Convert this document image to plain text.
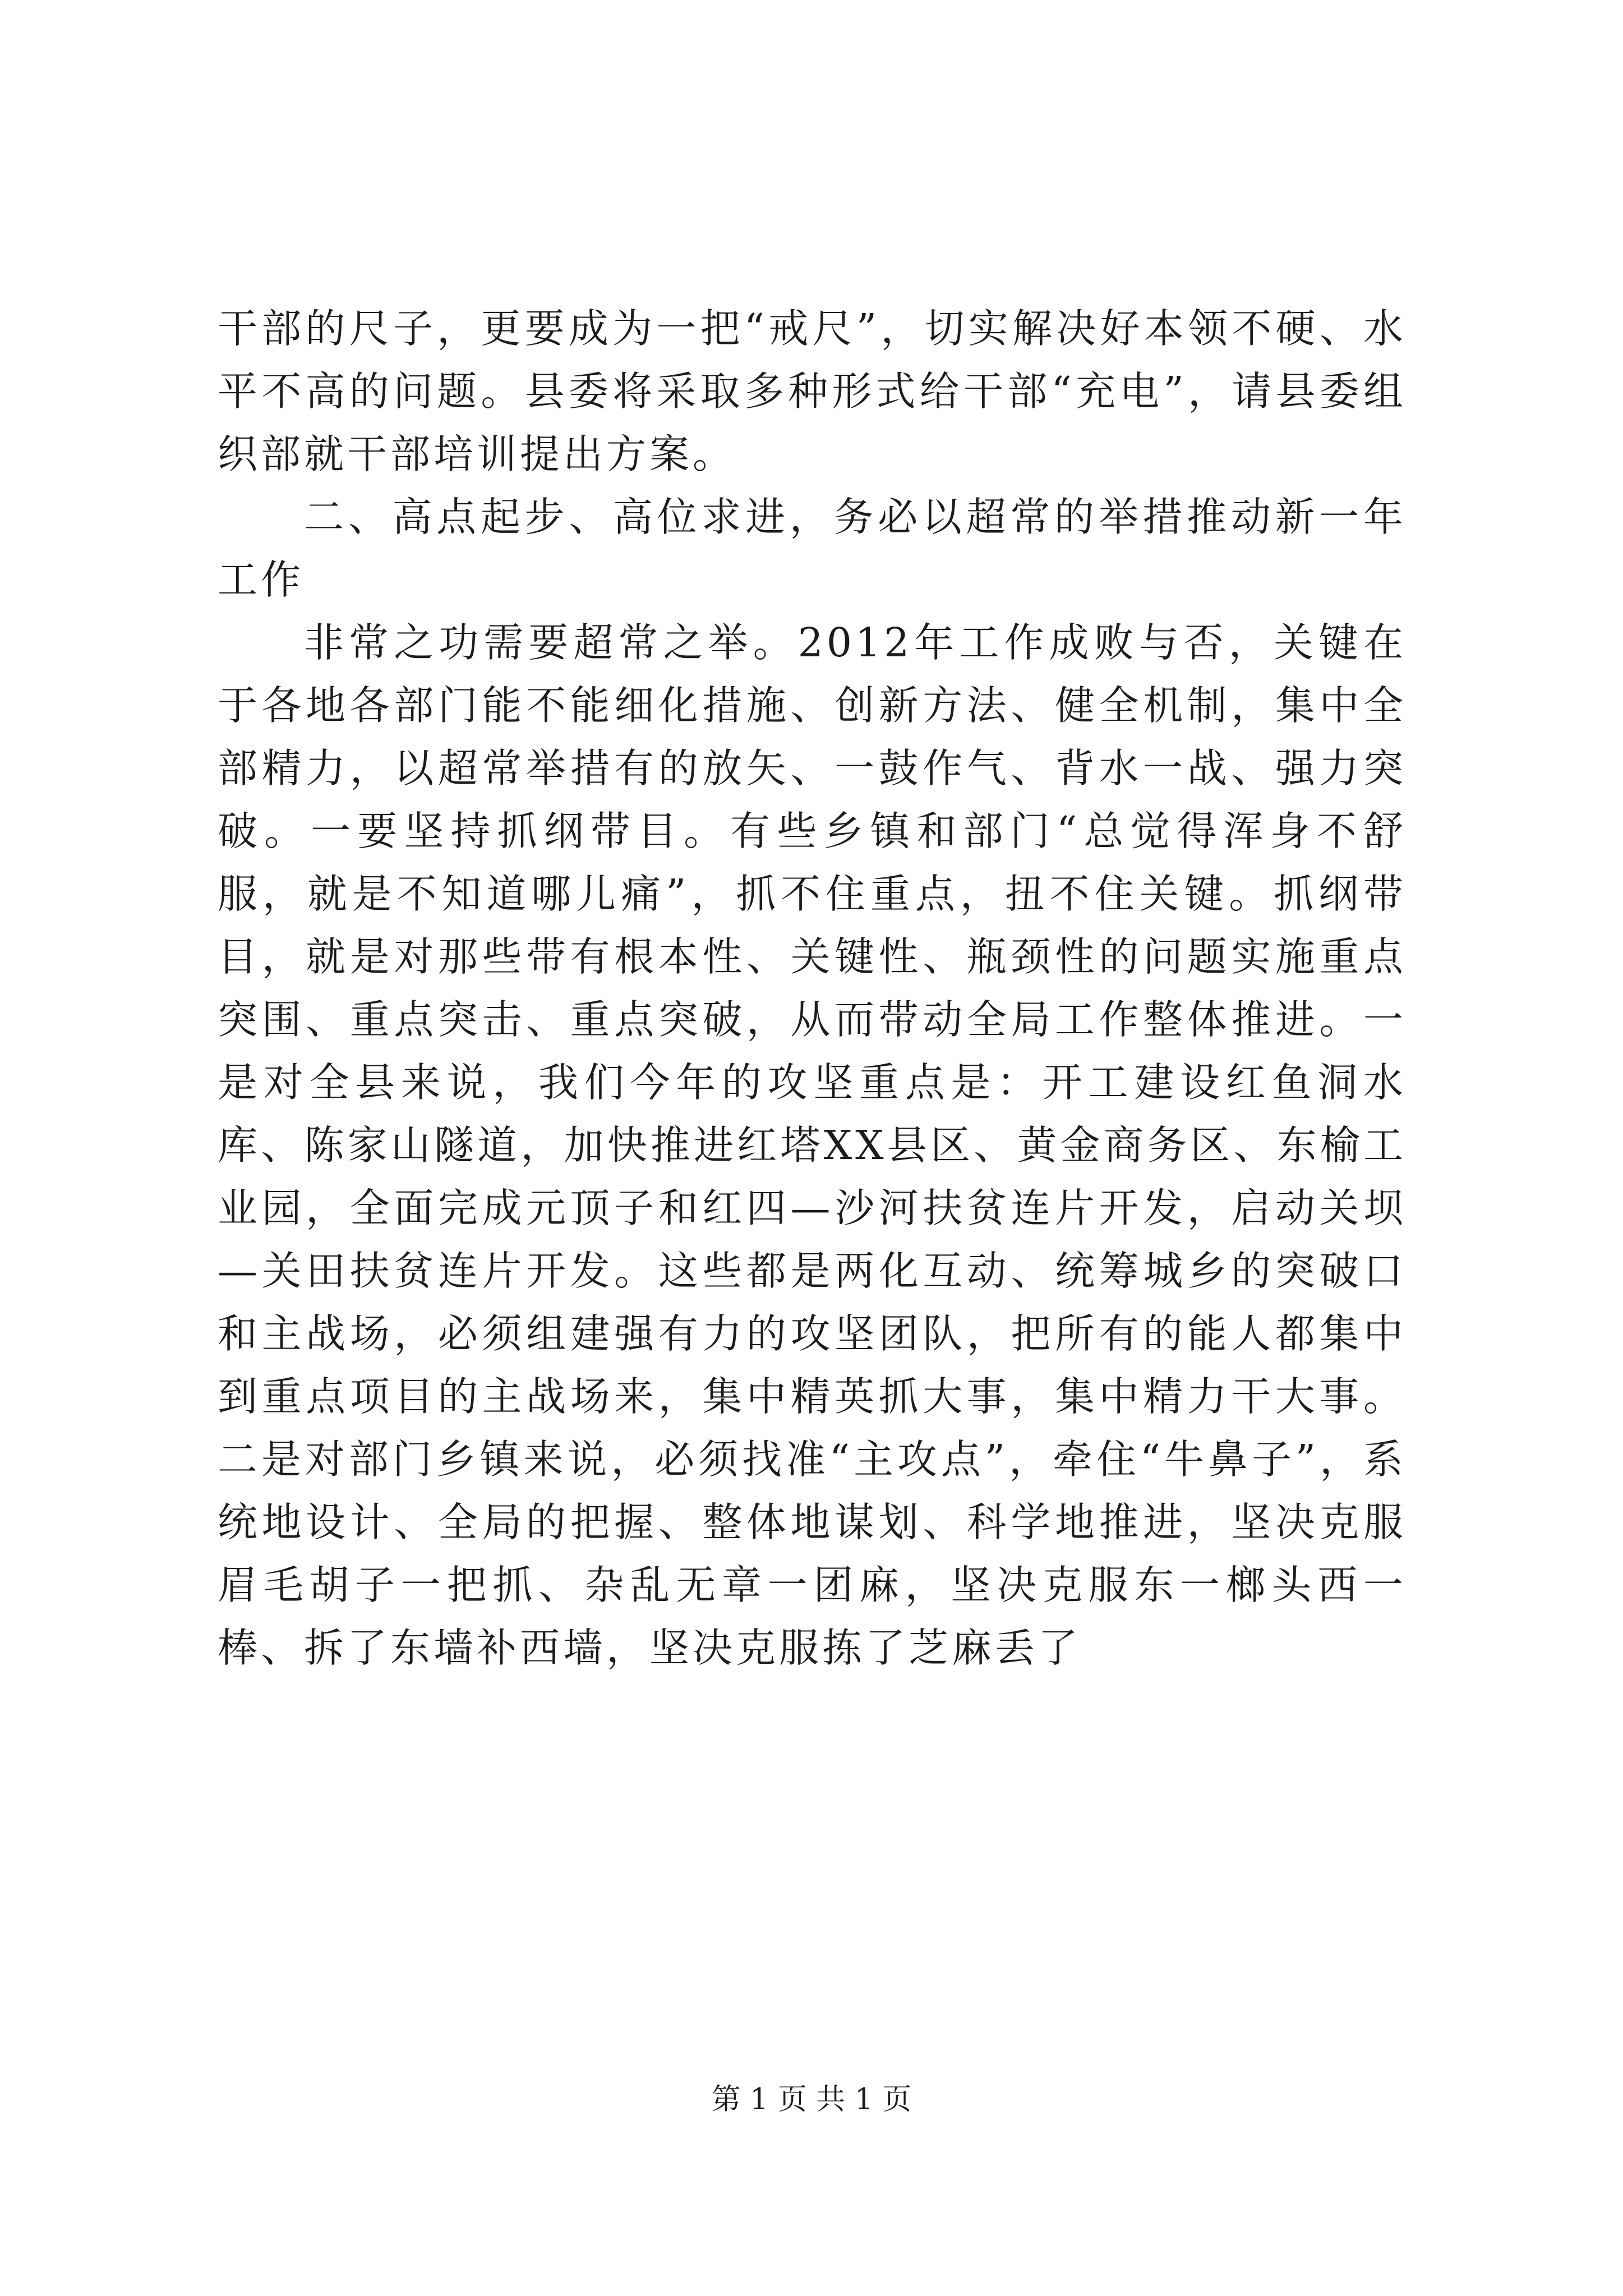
干部的尺子，更要成为一把“戒尺”，切实解决好本领不硬、水平不高的问题。县委将采取多种形式给干部“充电”，请县委组织部就干部培训提出方案。

二、高点起步、高位求进，务必以超常的举措推动新一年工作

非常之功需要超常之举。2012年工作成败与否，关键在于各地各部门能不能细化措施、创新方法、健全机制，集中全部精力，以超常举措有的放矢、一鼓作气、背水一战、强力突破。一要坚持抓纲带目。有些乡镇和部门“总觉得浑身不舒服，就是不知道哪儿痛”，抓不住重点，扭不住关键。抓纲带目，就是对那些带有根本性、关键性、瓶颈性的问题实施重点突围、重点突击、重点突破，从而带动全局工作整体推进。一是对全县来说，我们今年的攻坚重点是：开工建设红鱼洞水库、陈家山隧道，加快推进红塔XX县区、黄金商务区、东榆工业园，全面完成元顶子和红四—沙河扶贫连片开发，启动关坝—关田扶贫连片开发。这些都是两化互动、统筹城乡的突破口和主战场，必须组建强有力的攻坚团队，把所有的能人都集中到重点项目的主战场来，集中精英抓大事，集中精力干大事。二是对部门乡镇来说，必须找准“主攻点”，牵住“牛鼻子”，系统地设计、全局的把握、整体地谋划、科学地推进，坚决克服眉毛胡子一把抓、杂乱无章一团麻，坚决克服东一榔头西一棒、拆了东墙补西墙，坚决克服拣了芝麻丢了

第 1 页 共 1 页
